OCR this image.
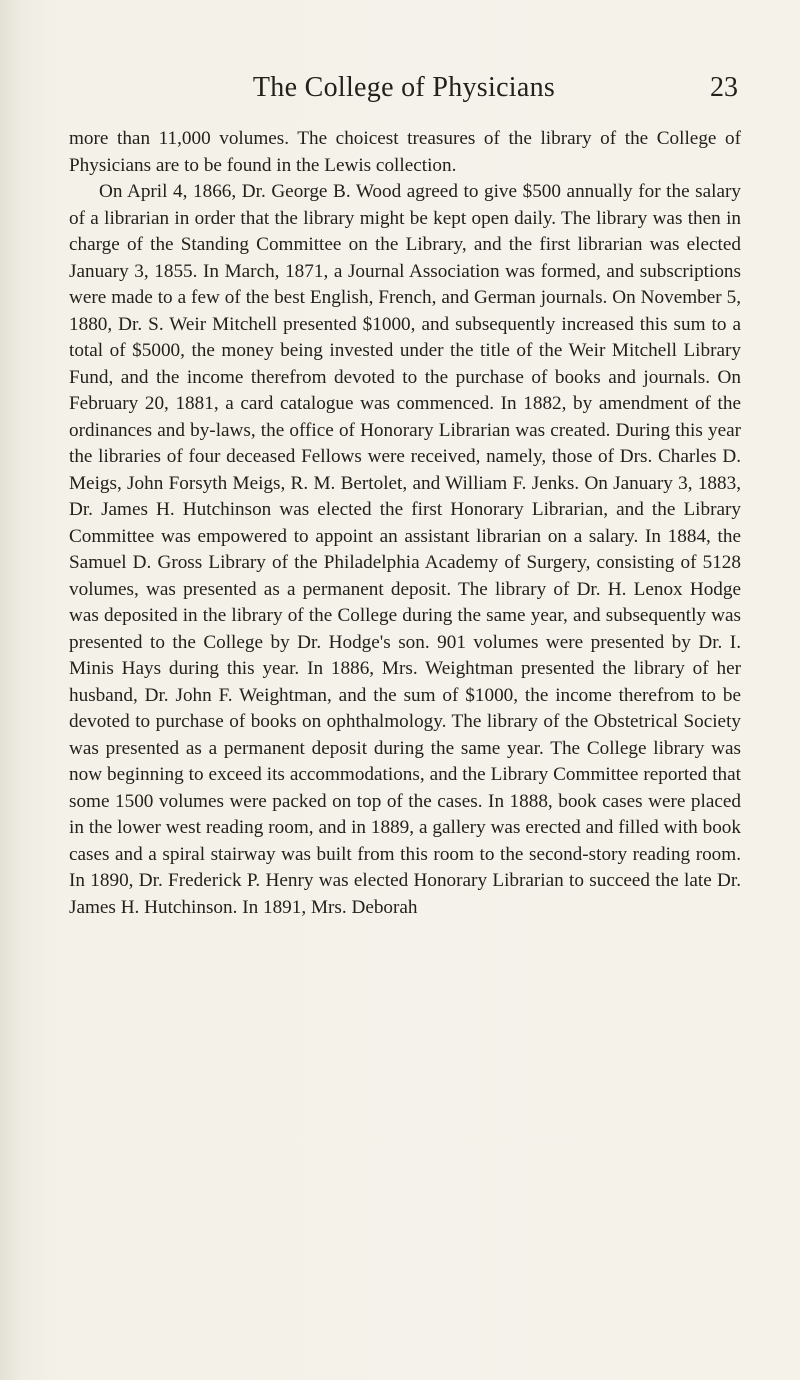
The College of Physicians	23

more than 11,000 volumes. The choicest treasures of the library of the College of Physicians are to be found in the Lewis collection.

On April 4, 1866, Dr. George B. Wood agreed to give $500 annually for the salary of a librarian in order that the library might be kept open daily. The library was then in charge of the Standing Committee on the Library, and the first librarian was elected January 3, 1855. In March, 1871, a Journal Association was formed, and subscriptions were made to a few of the best English, French, and German journals. On November 5, 1880, Dr. S. Weir Mitchell presented $1000, and subsequently increased this sum to a total of $5000, the money being invested under the title of the Weir Mitchell Library Fund, and the income therefrom devoted to the purchase of books and journals. On February 20, 1881, a card catalogue was commenced. In 1882, by amendment of the ordinances and by-laws, the office of Honorary Librarian was created. During this year the libraries of four deceased Fellows were received, namely, those of Drs. Charles D. Meigs, John Forsyth Meigs, R. M. Bertolet, and William F. Jenks. On January 3, 1883, Dr. James H. Hutchinson was elected the first Honorary Librarian, and the Library Committee was empowered to appoint an assistant librarian on a salary. In 1884, the Samuel D. Gross Library of the Philadelphia Academy of Surgery, consisting of 5128 volumes, was presented as a permanent deposit. The library of Dr. H. Lenox Hodge was deposited in the library of the College during the same year, and subsequently was presented to the College by Dr. Hodge's son. 901 volumes were presented by Dr. I. Minis Hays during this year. In 1886, Mrs. Weightman presented the library of her husband, Dr. John F. Weightman, and the sum of $1000, the income therefrom to be devoted to purchase of books on ophthalmology. The library of the Obstetrical Society was presented as a permanent deposit during the same year. The College library was now beginning to exceed its accommodations, and the Library Committee reported that some 1500 volumes were packed on top of the cases. In 1888, book cases were placed in the lower west reading room, and in 1889, a gallery was erected and filled with book cases and a spiral stairway was built from this room to the second-story reading room. In 1890, Dr. Frederick P. Henry was elected Honorary Librarian to succeed the late Dr. James H. Hutchinson. In 1891, Mrs. Deborah
